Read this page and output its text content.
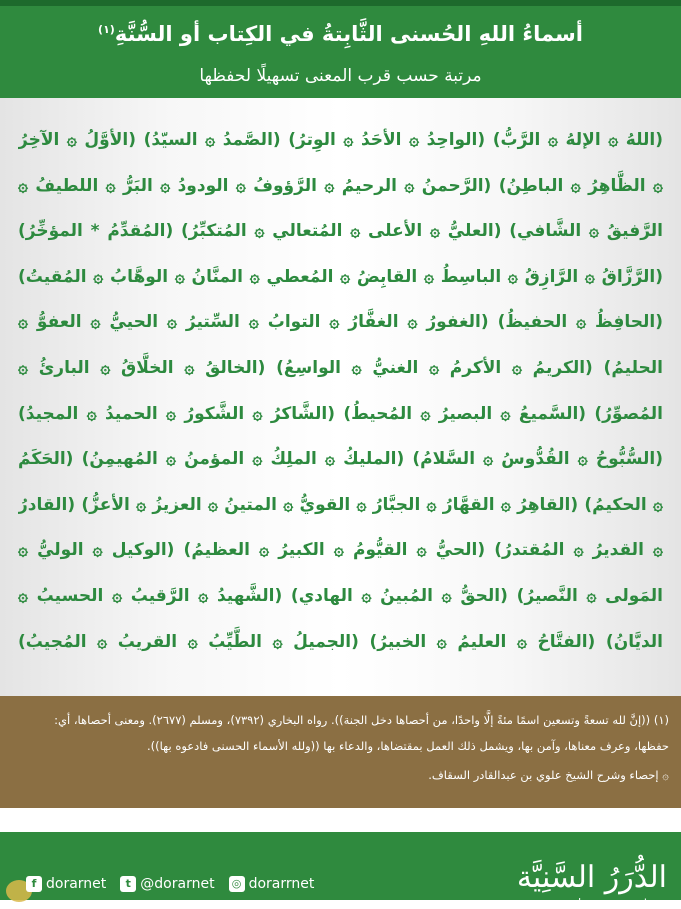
أسماءُ اللهِ الحُسنى الثَّابِتةُ في الكِتاب أو السُّنَّةِ$^{(١)}$
مرتبة حسب قرب المعنى تسهيلًا لحفظها
(اللهُ ۞ الإلهُ ۞ الرَّبُّ) (الواحِدُ ۞ الأحَدُ ۞ الوِترُ) (الصَّمدُ ۞ السيّدُ) (الأوَّلُ ۞ الآخِرُ
۞ الظَّاهِرُ ۞ الباطِنُ) (الرَّحمنُ ۞ الرحيمُ ۞ الرَّؤوفُ ۞ الودودُ ۞ البَرُّ ۞ اللطيفُ ۞
الرَّفيقُ ۞ الشَّافي) (العليُّ ۞ الأعلى ۞ المُتعالي ۞ المُتكبِّرُ) (المُقدِّمُ * المؤخِّرُ)
(الرَّزَّاقُ ۞ الرَّازِقُ ۞ الباسِطُ ۞ القابِضُ ۞ المُعطي ۞ المنَّانُ ۞ الوهَّابُ ۞ المُقيتُ)
(الحافِظُ ۞ الحفيظُ) (الغفورُ ۞ الغفَّارُ ۞ التوابُ ۞ السِّتيرُ ۞ الحييُّ ۞ العفوُّ ۞
الحليمُ) (الكريمُ ۞ الأكرمُ ۞ الغنيُّ ۞ الواسِعُ) (الخالقُ ۞ الخلَّاقُ ۞ البارئُ ۞
المُصوِّرُ) (السَّميعُ ۞ البصيرُ ۞ المُحيطُ) (الشَّاكرُ ۞ الشَّكورُ ۞ الحميدُ ۞ المجيدُ)
(السُّبُّوحُ ۞ القُدُّوسُ ۞ السَّلامُ) (المليكُ ۞ الملِكُ ۞ المؤمنُ ۞ المُهيمِنُ) (الحَكَمُ
۞ الحكيمُ) (القاهِرُ ۞ القهَّارُ ۞ الجبَّارُ ۞ القويُّ ۞ المتينُ ۞ العزيزُ ۞ الأعزُّ) (القادرُ
۞ القديرُ ۞ المُقتدرُ) (الحيُّ ۞ القيُّومُ ۞ الكبيرُ ۞ العظيمُ) (الوكيل ۞ الوليُّ ۞
المَولى ۞ النَّصيرُ) (الحقُّ ۞ المُبينُ ۞ الهادي) (الشَّهيدُ ۞ الرَّقيبُ ۞ الحسيبُ ۞
الديَّانُ) (الفتَّاحُ ۞ العليمُ ۞ الخبيرُ) (الجميلُ ۞ الطَّيِّبُ ۞ القريبُ ۞ المُجيبُ)
(١) ((إنَّ لله تسعةً وتسعين اسمًا مئةً إلَّا واحدًا، من أحصاها دخل الجنة)). رواه البخاري (٧٣٩٢)، ومسلم (٢٦٧٧). ومعنى أحصاها، أي:
حفظها، وعرف معناها، وآمن بها، ويشمل ذلك العمل بمقتضاها، والدعاء بها ((ولله الأسماء الحسنى فادعوه بها)).
۞ إحصاء وشرح الشيخ علوي بن عبدالقادر السقاف.
f dorarnet	t @dorarnet ◎ dorarrnet	الدُّرَرُ السَّنِيَّة
www.dorar.net
